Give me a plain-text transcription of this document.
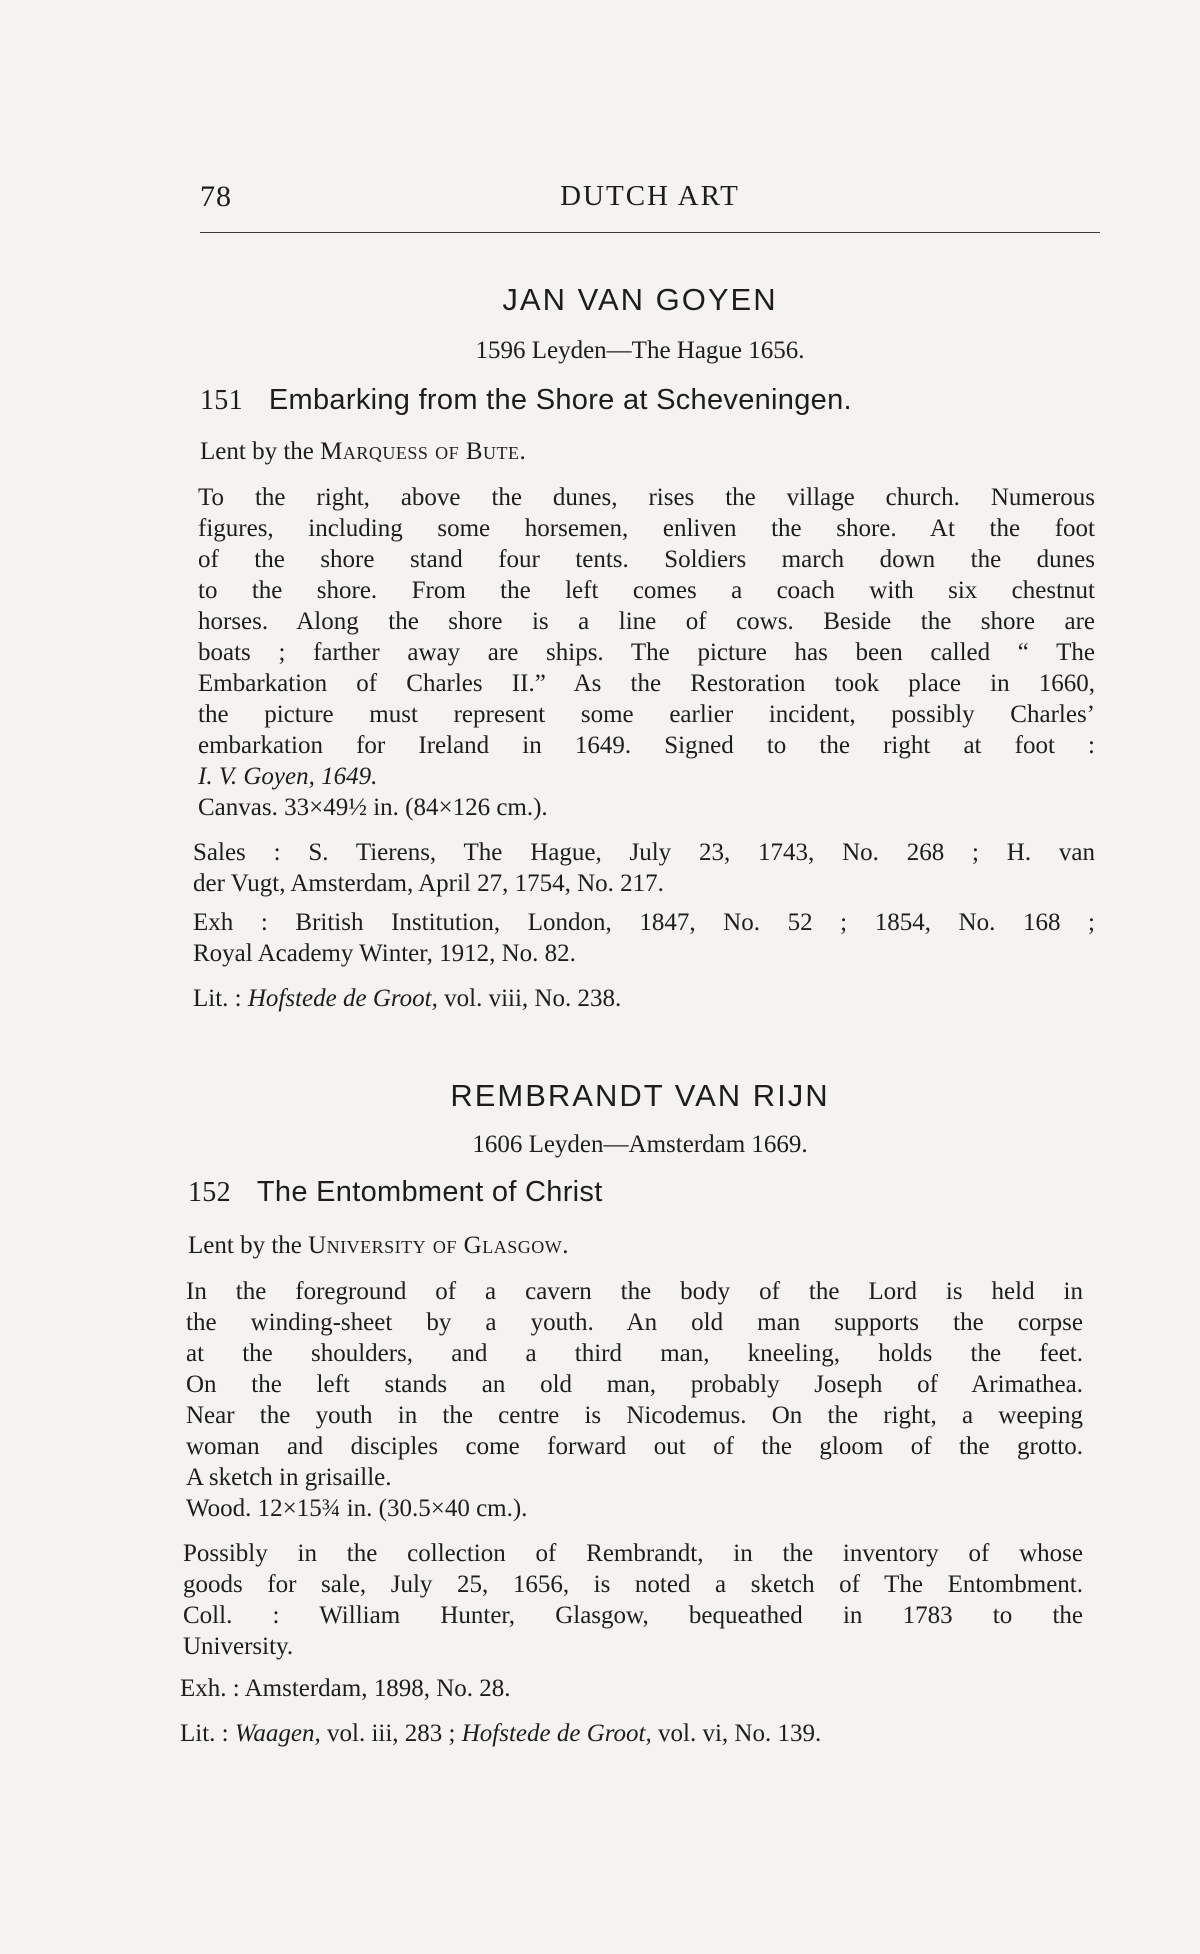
78	DUTCH ART
JAN VAN GOYEN
1596 Leyden—The Hague 1656.
151 Embarking from the Shore at Scheveningen.
Lent by the Marquess of Bute.
To the right, above the dunes, rises the village church. Numerous
figures, including some horsemen, enliven the shore. At the foot
of the shore stand four tents. Soldiers march down the dunes
to the shore. From the left comes a coach with six chestnut
horses. Along the shore is a line of cows. Beside the shore are
boats ; farther away are ships. The picture has been called “ The
Embarkation of Charles II.” As the Restoration took place in 1660,
the picture must represent some earlier incident, possibly Charles’
embarkation for Ireland in 1649. Signed to the right at foot :
I. V. Goyen, 1649.
Canvas. 33×49½ in. (84×126 cm.).
Sales : S. Tierens, The Hague, July 23, 1743, No. 268 ; H. van
der Vugt, Amsterdam, April 27, 1754, No. 217.
Exh : British Institution, London, 1847, No. 52 ; 1854, No. 168 ;
Royal Academy Winter, 1912, No. 82.
Lit. : Hofstede de Groot, vol. viii, No. 238.
REMBRANDT VAN RIJN
1606 Leyden—Amsterdam 1669.
152 The Entombment of Christ
Lent by the University of Glasgow.
In the foreground of a cavern the body of the Lord is held in
the winding-sheet by a youth. An old man supports the corpse
at the shoulders, and a third man, kneeling, holds the feet.
On the left stands an old man, probably Joseph of Arimathea.
Near the youth in the centre is Nicodemus. On the right, a weeping
woman and disciples come forward out of the gloom of the grotto.
A sketch in grisaille.
Wood. 12×15¾ in. (30.5×40 cm.).
Possibly in the collection of Rembrandt, in the inventory of whose
goods for sale, July 25, 1656, is noted a sketch of The Entombment.
Coll. : William Hunter, Glasgow, bequeathed in 1783 to the
University.
Exh. : Amsterdam, 1898, No. 28.
Lit. : Waagen, vol. iii, 283 ; Hofstede de Groot, vol. vi, No. 139.
